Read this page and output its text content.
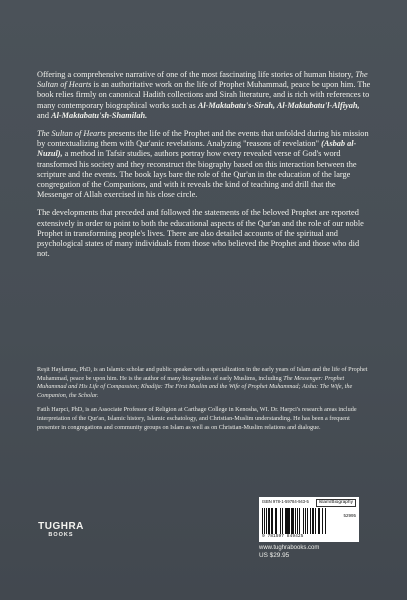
Offering a comprehensive narrative of one of the most fascinating life stories of human history, The Sultan of Hearts is an authoritative work on the life of Prophet Muhammad, peace be upon him. The book relies firmly on canonical Hadith collections and Sirah literature, and is rich with references to many contemporary biographical works such as Al-Maktabatu's-Sirah, Al-Maktabatu'l-Alfiyah, and Al-Maktabatu'sh-Shamilah.

The Sultan of Hearts presents the life of the Prophet and the events that unfolded during his mission by contextualizing them with Qur'anic revelations. Analyzing "reasons of revelation" (Asbab al-Nuzul), a method in Tafsir studies, authors portray how every revealed verse of God's word transformed his society and they reconstruct the biography based on this interaction between the scripture and the events. The book lays bare the role of the Qur'an in the education of the large congregation of the Companions, and with it reveals the kind of teaching and drill that the Messenger of Allah exercised in his close circle.

The developments that preceded and followed the statements of the beloved Prophet are reported extensively in order to point to both the educational aspects of the Qur'an and the role of our noble Prophet in transforming people's lives. There are also detailed accounts of the spiritual and psychological states of many individuals from those who believed the Prophet and those who did not.

Reşit Haylamaz, PhD, is an Islamic scholar and public speaker with a specialization in the early years of Islam and the life of Prophet Muhammad, peace be upon him. He is the author of many biographies of early Muslims, including The Messenger: Prophet Muhammad and His Life of Compassion; Khadija: The First Muslim and the Wife of Prophet Muhammad; Aisha: The Wife, the Companion, the Scholar.

Fatih Harpci, PhD, is an Associate Professor of Religion at Carthage College in Kenosha, WI. Dr. Harpci's research areas include interpretation of the Qur'an, Islamic history, Islamic eschatology, and Christian-Muslim understanding. He has been a frequent presenter in congregations and community groups on Islam as well as on Christian-Muslim relations and dialogue.

TUGHRA
BOOKS
ISBN 978-1-59784-943-5	Islam/Biography
52995
9 781597 849425
www.tughrabooks.com
US $29.95
